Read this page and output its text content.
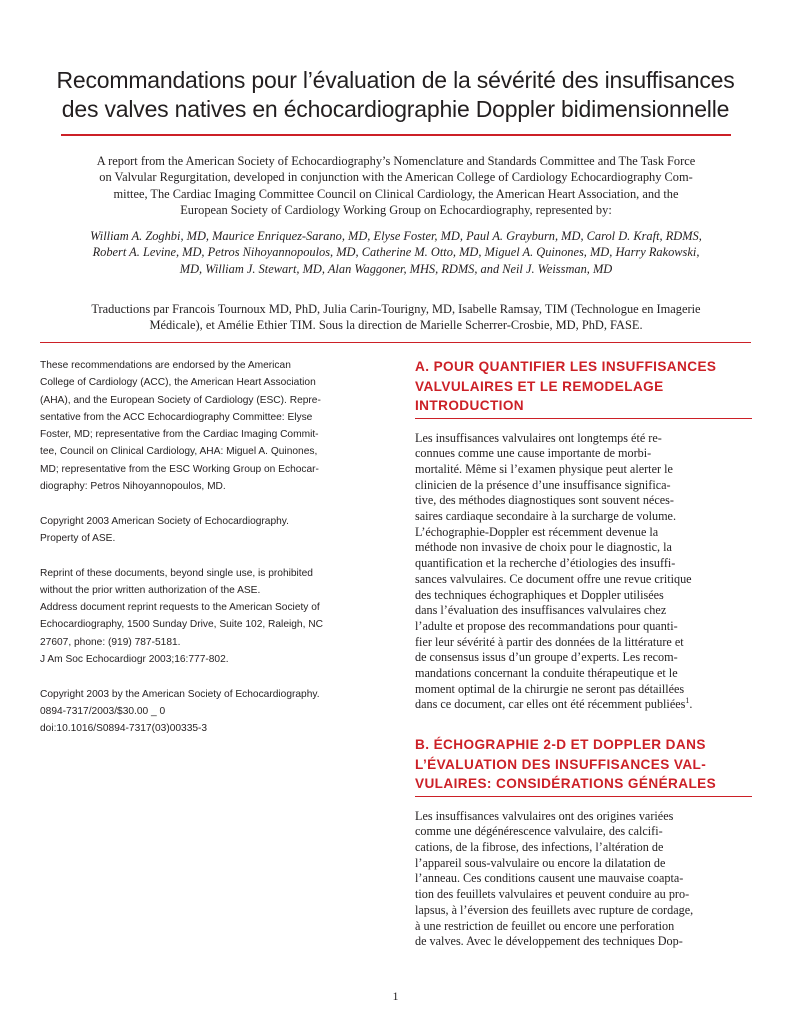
Recommandations pour l’évaluation de la sévérité des insuffisances
des valves natives en échocardiographie Doppler bidimensionnelle
A report from the American Society of Echocardiography’s Nomenclature and Standards Committee and The Task Force
on Valvular Regurgitation, developed in conjunction with the American College of Cardiology Echocardiography Com-
mittee, The Cardiac Imaging Committee Council on Clinical Cardiology, the American Heart Association, and the
European Society of Cardiology Working Group on Echocardiography, represented by:
William A. Zoghbi, MD, Maurice Enriquez-Sarano, MD, Elyse Foster, MD, Paul A. Grayburn, MD, Carol D. Kraft, RDMS,
Robert A. Levine, MD, Petros Nihoyannopoulos, MD, Catherine M. Otto, MD, Miguel A. Quinones, MD, Harry Rakowski,
MD, William J. Stewart, MD, Alan Waggoner, MHS, RDMS, and Neil J. Weissman, MD
Traductions par Francois Tournoux MD, PhD, Julia Carin-Tourigny, MD, Isabelle Ramsay, TIM (Technologue en Imagerie
Médicale), et Amélie Ethier TIM. Sous la direction de Marielle Scherrer-Crosbie, MD, PhD, FASE.
These recommendations are endorsed by the American
College of Cardiology (ACC), the American Heart Association
(AHA), and the European Society of Cardiology (ESC). Repre-
sentative from the ACC Echocardiography Committee: Elyse
Foster, MD; representative from the Cardiac Imaging Commit-
tee, Council on Clinical Cardiology, AHA: Miguel A. Quinones,
MD; representative from the ESC Working Group on Echocar-
diography: Petros Nihoyannopoulos, MD.
Copyright 2003 American Society of Echocardiography.
Property of ASE.
Reprint of these documents, beyond single use, is prohibited
without the prior written authorization of the ASE.
Address document reprint requests to the American Society of
Echocardiography, 1500 Sunday Drive, Suite 102, Raleigh, NC
27607, phone: (919) 787-5181.
J Am Soc Echocardiogr 2003;16:777-802.
Copyright 2003 by the American Society of Echocardiography.
0894-7317/2003/$30.00 _ 0
doi:10.1016/S0894-7317(03)00335-3
A. POUR QUANTIFIER LES INSUFFISANCES
VALVULAIRES ET LE REMODELAGE
INTRODUCTION
Les insuffisances valvulaires ont longtemps été re-
connues comme une cause importante de morbi-
mortalité. Même si l’examen physique peut alerter le
clinicien de la présence d’une insuffisance significa-
tive, des méthodes diagnostiques sont souvent néces-
saires cardiaque secondaire à la surcharge de volume.
L’échographie-Doppler est récemment devenue la
méthode non invasive de choix pour le diagnostic, la
quantification et la recherche d’étiologies des insuffi-
sances valvulaires. Ce document offre une revue critique
des techniques échographiques et Doppler utilisées
dans l’évaluation des insuffisances valvulaires chez
l’adulte et propose des recommandations pour quanti-
fier leur sévérité à partir des données de la littérature et
de consensus issus d’un groupe d’experts. Les recom-
mandations concernant la conduite thérapeutique et le
moment optimal de la chirurgie ne seront pas détaillées
dans ce document, car elles ont été récemment publiées$^1$.
B. ÉCHOGRAPHIE 2-D ET DOPPLER DANS
L’ÉVALUATION DES INSUFFISANCES VAL-
VULAIRES: CONSIDÉRATIONS GÉNÉRALES
Les insuffisances valvulaires ont des origines variées
comme une dégénérescence valvulaire, des calcifi-
cations, de la fibrose, des infections, l’altération de
l’appareil sous-valvulaire ou encore la dilatation de
l’anneau. Ces conditions causent une mauvaise coapta-
tion des feuillets valvulaires et peuvent conduire au pro-
lapsus, à l’éversion des feuillets avec rupture de cordage,
à une restriction de feuillet ou encore une perforation
de valves. Avec le développement des techniques Dop-
1
